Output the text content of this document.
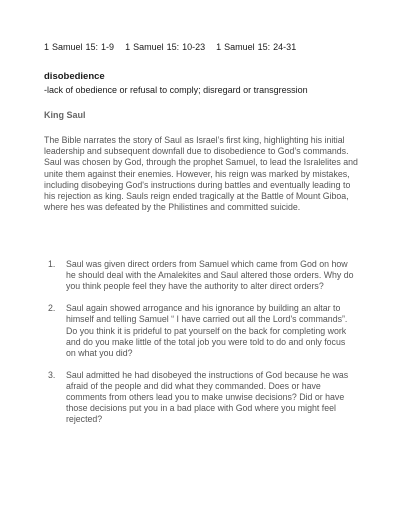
1 Samuel 15: 1-9 1 Samuel 15: 10-23 1 Samuel 15: 24-31
disobedience
-lack of obedience or refusal to comply; disregard or transgression
King Saul

The Bible narrates the story of Saul as Israel’s first king, highlighting his initial leadership and subsequent downfall due to disobedience to God’s commands. Saul was chosen by God, through the prophet Samuel, to lead the Isralelites and unite them against their enemies. However, his reign was marked by mistakes, including disobeying God's instructions during battles and eventually leading to his rejection as king. Sauls reign ended tragically at the Battle of Mount Giboa, where hes was defeated by the Philistines and committed suicide.

1.	Saul was given direct orders from Samuel which came from God on how he should deal with the Amalekites and Saul altered those orders. Why do you think people feel they have the authority to alter direct orders?
2.	Saul again showed arrogance and his ignorance by building an altar to himself and telling Samuel “ I have carried out all the Lord's commands”. Do you think it is prideful to pat yourself on the back for completing work and do you make little of the total job you were told to do and only focus on what you did?
3.	Saul admitted he had disobeyed the instructions of God because he was afraid of the people and did what they commanded. Does or have comments from others lead you to make unwise decisions? Did or have those decisions put you in a bad place with God where you might feel rejected?
